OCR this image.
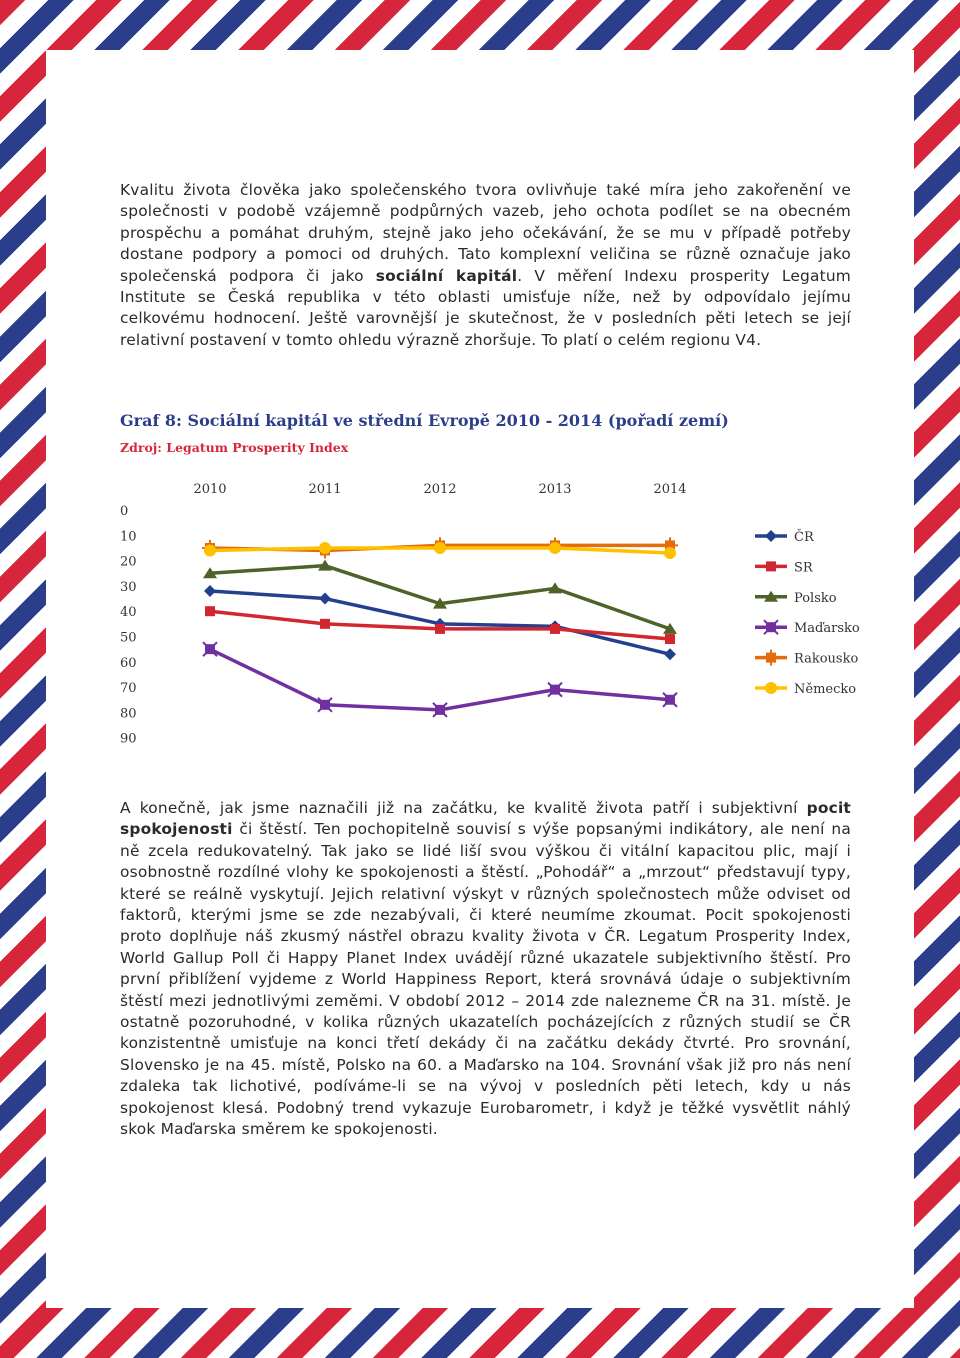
Kvalitu života člověka jako společenského tvora ovlivňuje také míra jeho zakořenění ve společnosti v podobě vzájemně podpůrných vazeb, jeho ochota podílet se na obecném prospěchu a pomáhat druhým, stejně jako jeho očekávání, že se mu v případě potřeby dostane podpory a pomoci od druhých. Tato komplexní veličina se různě označuje jako společenská podpora či jako sociální kapitál. V měření Indexu prosperity Legatum Institute se Česká republika v této oblasti umisťuje níže, než by odpovídalo jejímu celkovému hodnocení. Ještě varovnější je skutečnost, že v posledních pěti letech se její relativní postavení v tomto ohledu výrazně zhoršuje. To platí o celém regionu V4.

Graf 8: Sociální kapitál ve střední Evropě 2010 - 2014 (pořadí zemí)

Zdroj: Legatum Prosperity Index

2010	2011	2012	2013	2014
0
10
20
30
40
50
60
70
80
90
ČR
SR
Polsko
Maďarsko
Rakousko
Německo

A konečně, jak jsme naznačili již na začátku, ke kvalitě života patří i subjektivní pocit spokojenosti či štěstí. Ten pochopitelně souvisí s výše popsanými indikátory, ale není na ně zcela redukovatelný. Tak jako se lidé liší svou výškou či vitální kapacitou plic, mají i osobnostně rozdílné vlohy ke spokojenosti a štěstí. „Pohodář“ a „mrzout“ představují typy, které se reálně vyskytují. Jejich relativní výskyt v různých společnostech může odviset od faktorů, kterými jsme se zde nezabývali, či které neumíme zkoumat. Pocit spokojenosti proto doplňuje náš zkusmý nástřel obrazu kvality života v ČR. Legatum Prosperity Index, World Gallup Poll či Happy Planet Index uvádějí různé ukazatele subjektivního štěstí. Pro první přiblížení vyjdeme z World Happiness Report, která srovnává údaje o subjektivním štěstí mezi jednotlivými zeměmi. V období 2012 – 2014 zde nalezneme ČR na 31. místě. Je ostatně pozoruhodné, v kolika různých ukazatelích pocházejících z různých studií se ČR konzistentně umisťuje na konci třetí dekády či na začátku dekády čtvrté. Pro srovnání, Slovensko je na 45. místě, Polsko na 60. a Maďarsko na 104. Srovnání však již pro nás není zdaleka tak lichotivé, podíváme-li se na vývoj v posledních pěti letech, kdy u nás spokojenost klesá. Podobný trend vykazuje Eurobarometr, i když je těžké vysvětlit náhlý skok Maďarska směrem ke spokojenosti.
